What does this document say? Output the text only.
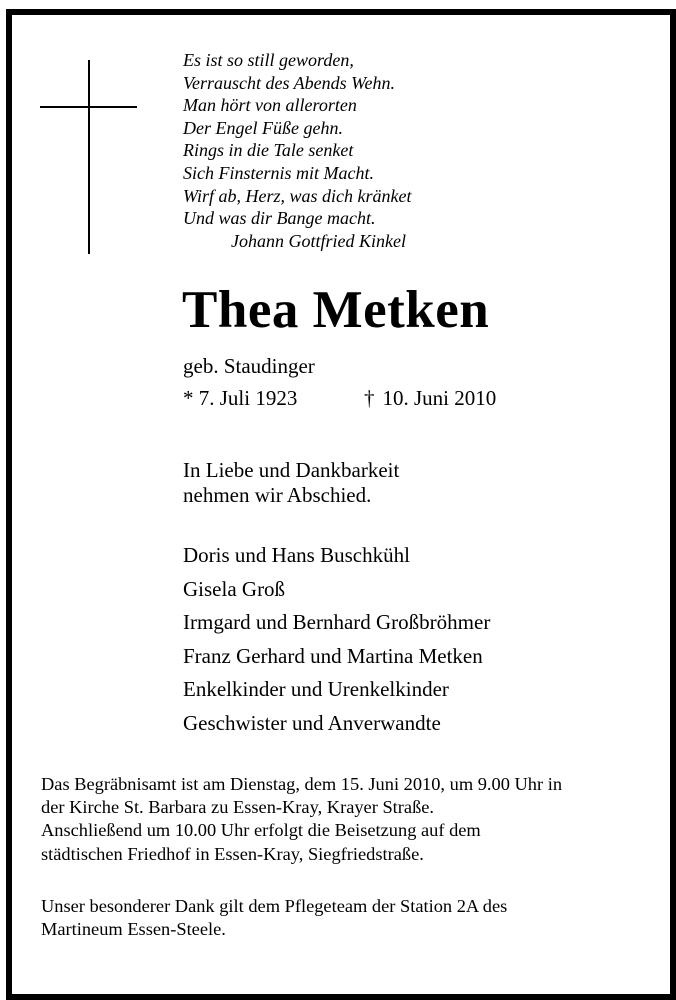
Es ist so still geworden,
Verrauscht des Abends Wehn.
Man hört von allerorten
Der Engel Füße gehn.
Rings in die Tale senket
Sich Finsternis mit Macht.
Wirf ab, Herz, was dich kränket
Und was dir Bange macht.
Johann Gottfried Kinkel
Thea Metken
geb. Staudinger
* 7. Juli 1923	† 10. Juni 2010
In Liebe und Dankbarkeit
nehmen wir Abschied.
Doris und Hans Buschkühl
Gisela Groß
Irmgard und Bernhard Großbröhmer
Franz Gerhard und Martina Metken
Enkelkinder und Urenkelkinder
Geschwister und Anverwandte
Das Begräbnisamt ist am Dienstag, dem 15. Juni 2010, um 9.00 Uhr in
der Kirche St. Barbara zu Essen-Kray, Krayer Straße.
Anschließend um 10.00 Uhr erfolgt die Beisetzung auf dem
städtischen Friedhof in Essen-Kray, Siegfriedstraße.
Unser besonderer Dank gilt dem Pflegeteam der Station 2A des
Martineum Essen-Steele.
